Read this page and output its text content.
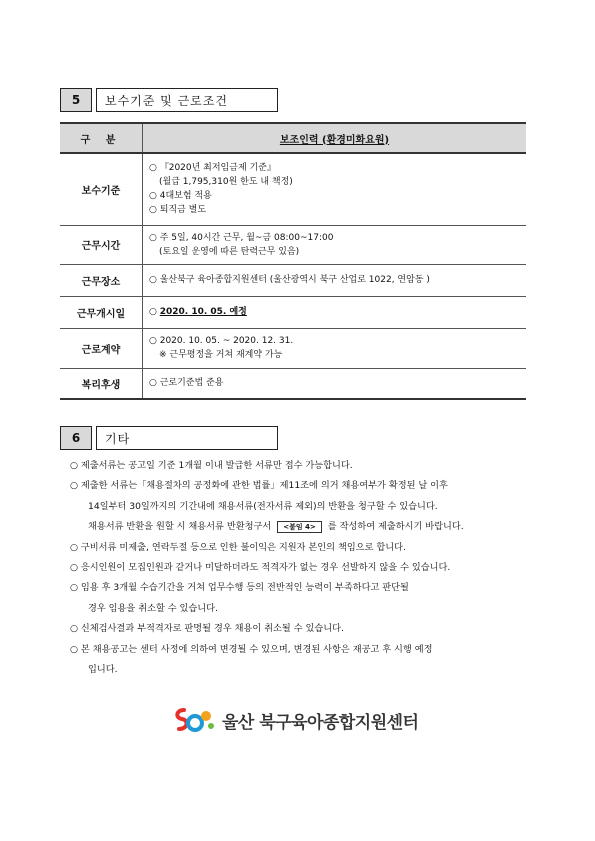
5	보수기준 및 근로조건
구 분	보조인력 (환경미화요원)
보수기준	○ 『2020년 최저임금제 기준』
(월급 1,795,310원 한도 내 책정)
○ 4대보험 적용
○ 퇴직금 별도

근무시간	○ 주 5일, 40시간 근무, 월~금 08:00~17:00
(토요일 운영에 따른 탄력근무 있음)

근무장소	○ 울산북구 육아종합지원센터 (울산광역시 북구 산업로 1022, 연암동 )

근무개시일	○ 2020. 10. 05. 예정
근로계약	○ 2020. 10. 05. ~ 2020. 12. 31.
※ 근무평정을 거쳐 재계약 가능

복리후생	○ 근로기준법 준용
6	기타

○ 제출서류는 공고일 기준 1개월 이내 발급한 서류만 접수 가능합니다.

○ 제출한 서류는「채용절차의 공정화에 관한 법률」제11조에 의거 채용여부가 확정된 날 이후

14일부터 30일까지의 기간내에 채용서류(전자서류 제외)의 반환을 청구할 수 있습니다.

채용서류 반환을 원할 시 채용서류 반환청구서 <붙임 4> 를 작성하여 제출하시기 바랍니다.

○ 구비서류 미제출, 연락두절 등으로 인한 불이익은 지원자 본인의 책임으로 합니다.

○ 응시인원이 모집인원과 같거나 미달하더라도 적격자가 없는 경우 선발하지 않을 수 있습니다.

○ 임용 후 3개월 수습기간을 거쳐 업무수행 등의 전반적인 능력이 부족하다고 판단될

경우 임용을 취소할 수 있습니다.

○ 신체검사결과 부적격자로 판명될 경우 채용이 취소될 수 있습니다.

○ 본 채용공고는 센터 사정에 의하여 변경될 수 있으며, 변경된 사항은 재공고 후 시행 예정

입니다.

울산 북구육아종합지원센터
